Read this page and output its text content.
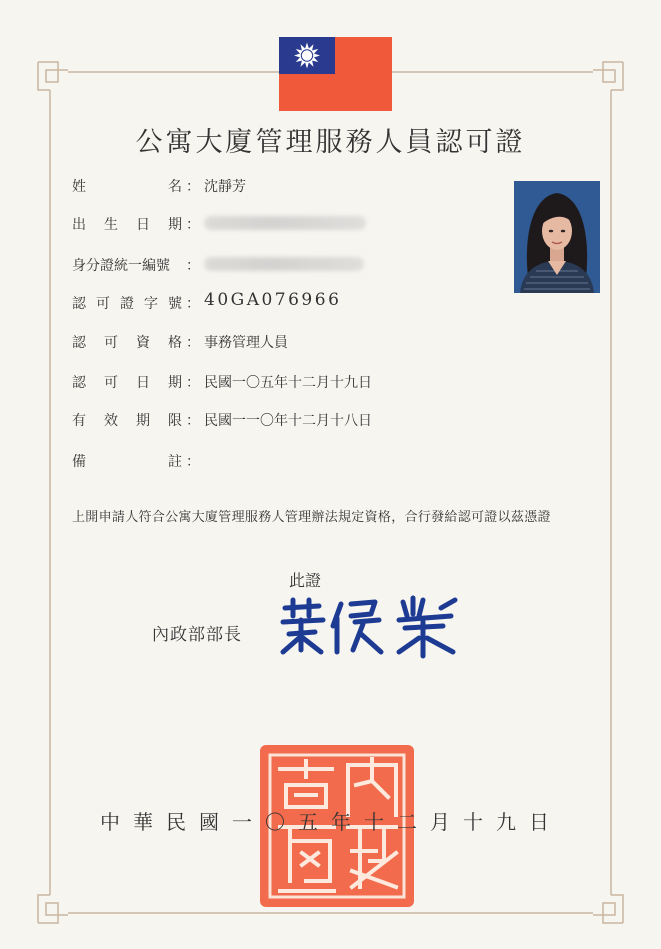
公寓大廈管理服務人員認可證
姓	名 ： 沈靜芳
出 生 日 期 ：
身分證統一編號 ：
認 可 證 字 號 ： 40GA076966
認 可 資 格 ： 事務管理人員
認 可 日 期 ： 民國一〇五年十二月十九日
有 效 期 限 ： 民國一一〇年十二月十八日
備	註 ：
上開申請人符合公寓大廈管理服務人管理辦法規定資格，合行發給認可證以茲憑證
此證
內政部部長
中華民國一〇五年十二月十九日
